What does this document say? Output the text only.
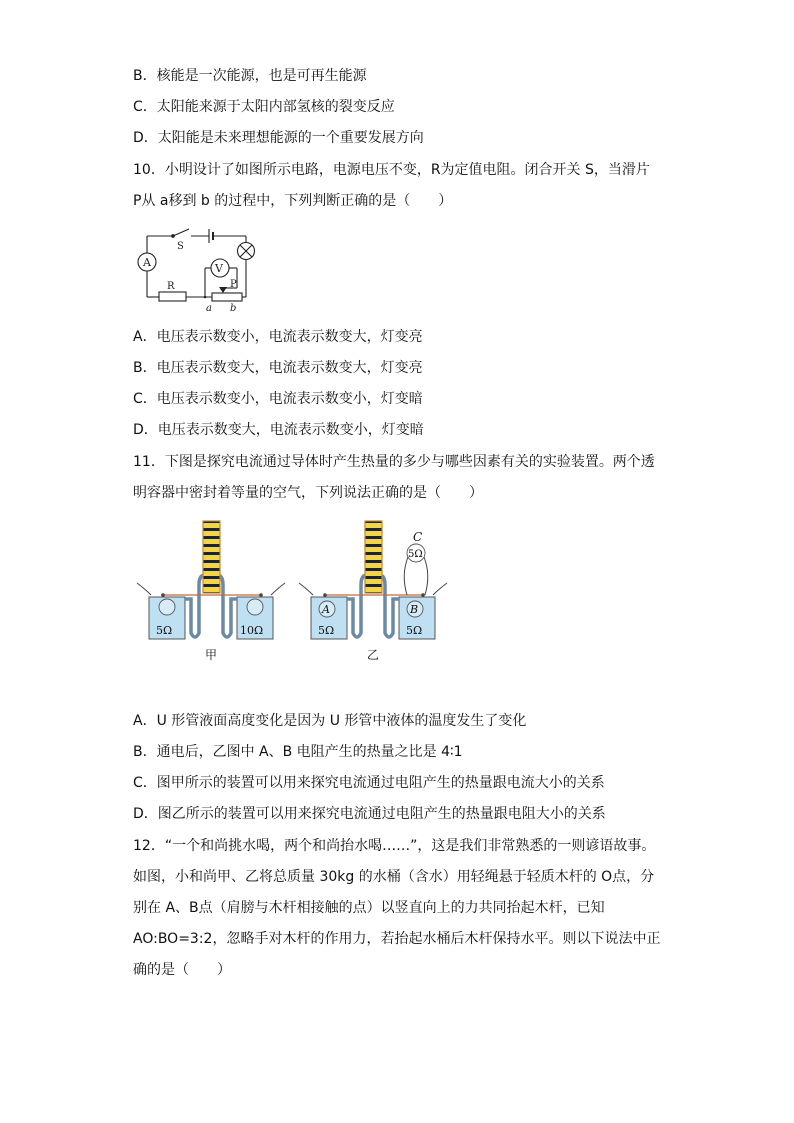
B．核能是一次能源，也是可再生能源
C．太阳能来源于太阳内部氢核的裂变反应
D．太阳能是未来理想能源的一个重要发展方向
10．小明设计了如图所示电路，电源电压不变，R为定值电阻。闭合开关 S，当滑片
P从 a移到 b 的过程中，下列判断正确的是（　　）
S
A	V
R	P
a b
A．电压表示数变小，电流表示数变大，灯变亮
B．电压表示数变大，电流表示数变大，灯变亮
C．电压表示数变小，电流表示数变小，灯变暗
D．电压表示数变大，电流表示数变小，灯变暗
11．下图是探究电流通过导体时产生热量的多少与哪些因素有关的实验装置。两个透
明容器中密封着等量的空气，下列说法正确的是（　　）
5Ω	10Ω
甲
A	B
5Ω	5Ω
C
5Ω
乙
A．U 形管液面高度变化是因为 U 形管中液体的温度发生了变化
B．通电后，乙图中 A、B 电阻产生的热量之比是 4∶1
C．图甲所示的装置可以用来探究电流通过电阻产生的热量跟电流大小的关系
D．图乙所示的装置可以用来探究电流通过电阻产生的热量跟电阻大小的关系
12．“一个和尚挑水喝，两个和尚抬水喝……”，这是我们非常熟悉的一则谚语故事。
如图，小和尚甲、乙将总质量 30kg 的水桶（含水）用轻绳悬于轻质木杆的 O点，分
别在 A、B点（肩膀与木杆相接触的点）以竖直向上的力共同抬起木杆，已知
AO:BO=3:2，忽略手对木杆的作用力，若抬起水桶后木杆保持水平。则以下说法中正
确的是（　　）
